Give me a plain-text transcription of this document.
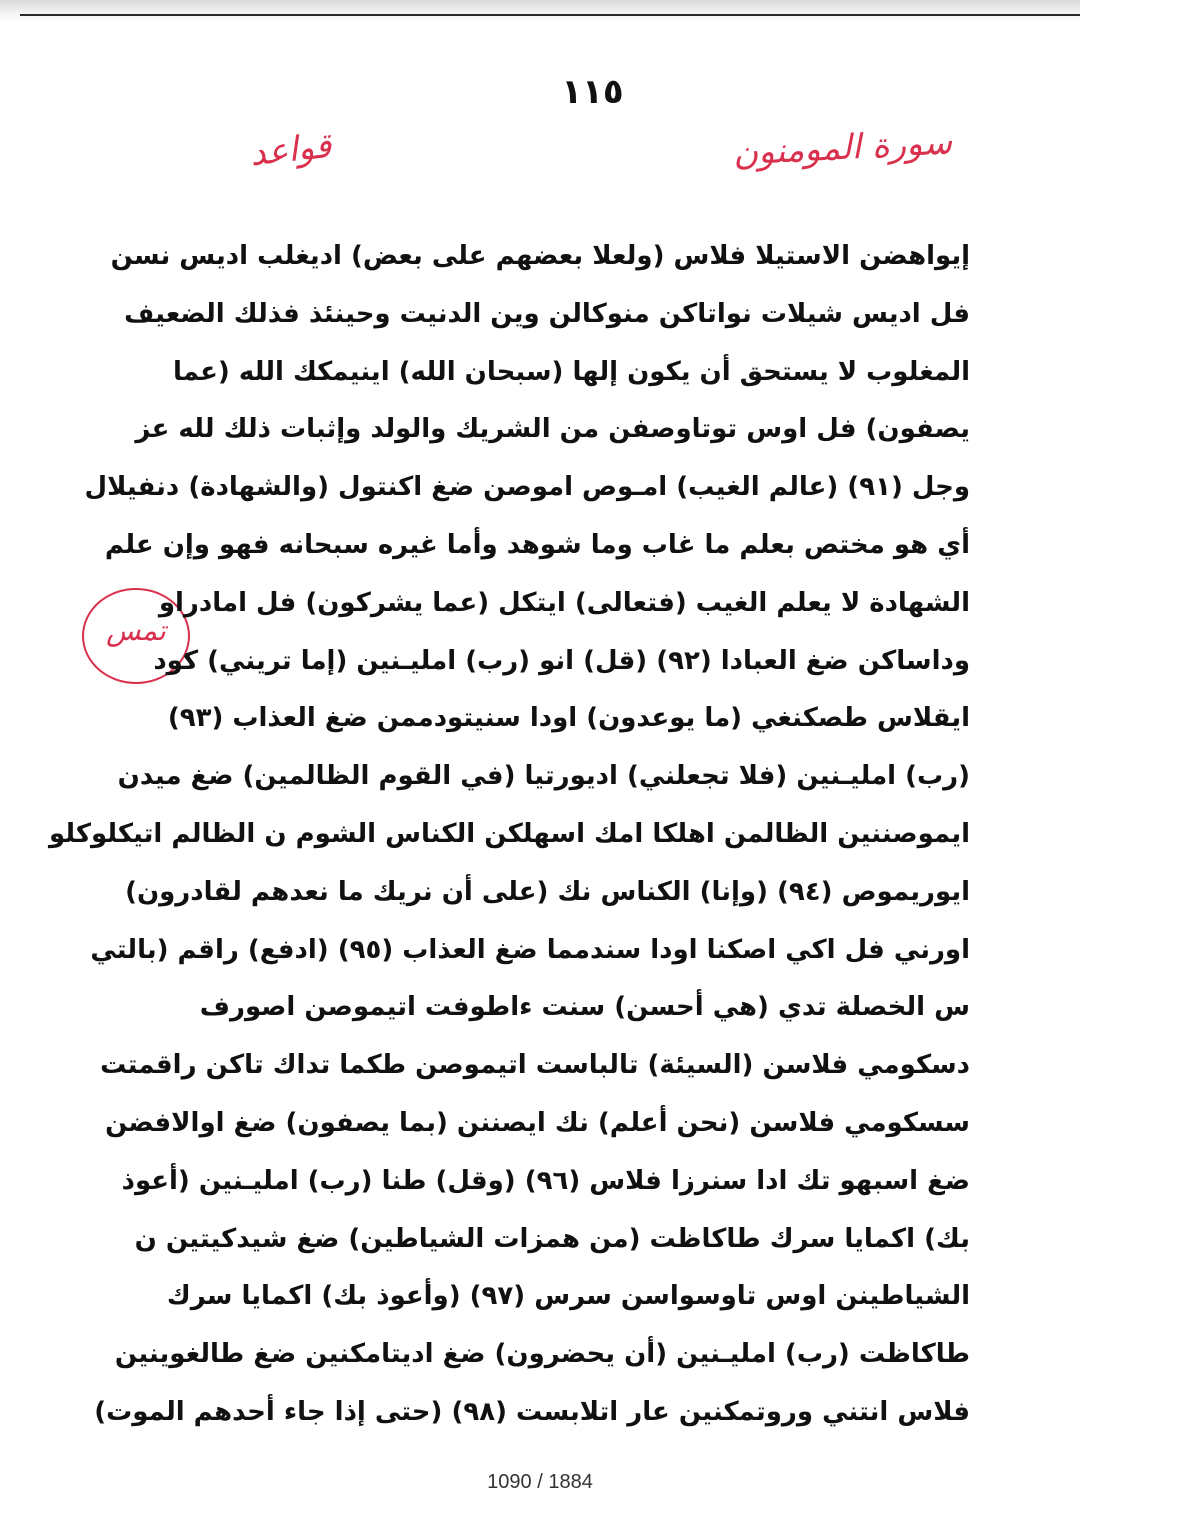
١١٥
سورة المومنون
قواعد
تمس
إيواهضن الاستيلا فلاس (ولعلا بعضهم على بعض) اديغلب اديس نسن
فل اديس شيلات نواتاكن منوكالن وين الدنيت وحينئذ فذلك الضعيف
المغلوب لا يستحق أن يكون إلها (سبحان الله) اينيمكك الله (عما
يصفون) فل اوس توتاوصفن من الشريك والولد وإثبات ذلك لله عز
وجل (٩١) (عالم الغيب) امـوص اموصن ضغ اكنتول (والشهادة) دنفيلال
أي هو مختص بعلم ما غاب وما شوهد وأما غيره سبحانه فهو وإن علم
الشهادة لا يعلم الغيب (فتعالى) ايتكل (عما يشركون) فل امادراو
وداساكن ضغ العبادا (٩٢) (قل) انو (رب) امليـنين (إما تريني) كود
ايقلاس طصكنغي (ما يوعدون) اودا سنيتودممن ضغ العذاب (٩٣)
(رب) امليـنين (فلا تجعلني) اديورتيا (في القوم الظالمين) ضغ ميدن
ايموصننين الظالمن اهلكا امك اسهلكن الكناس الشوم ن الظالم اتيكلوكلو
ايوريموص (٩٤) (وإنا) الكناس نك (على أن نريك ما نعدهم لقادرون)
اورني فل اكي اصكنا اودا سندمما ضغ العذاب (٩٥) (ادفع) راقم (بالتي
س الخصلة تدي (هي أحسن) سنت ءاطوفت اتيموصن اصورف
دسكومي فلاسن (السيئة) تالباست اتيموصن طكما تداك تاكن راقمتت
سسكومي فلاسن (نحن أعلم) نك ايصننن (بما يصفون) ضغ اوالافضن
ضغ اسبهو تك ادا سنرزا فلاس (٩٦) (وقل) طنا (رب) امليـنين (أعوذ
بك) اكمايا سرك طاكاظت (من همزات الشياطين) ضغ شيدكيتين ن
الشياطينن اوس تاوسواسن سرس (٩٧) (وأعوذ بك) اكمايا سرك
طاكاظت (رب) امليـنين (أن يحضرون) ضغ اديتامكنين ضغ طالغوينين
فلاس انتني وروتمكنين عار اتلابست (٩٨) (حتى إذا جاء أحدهم الموت)
1090 / 1884
